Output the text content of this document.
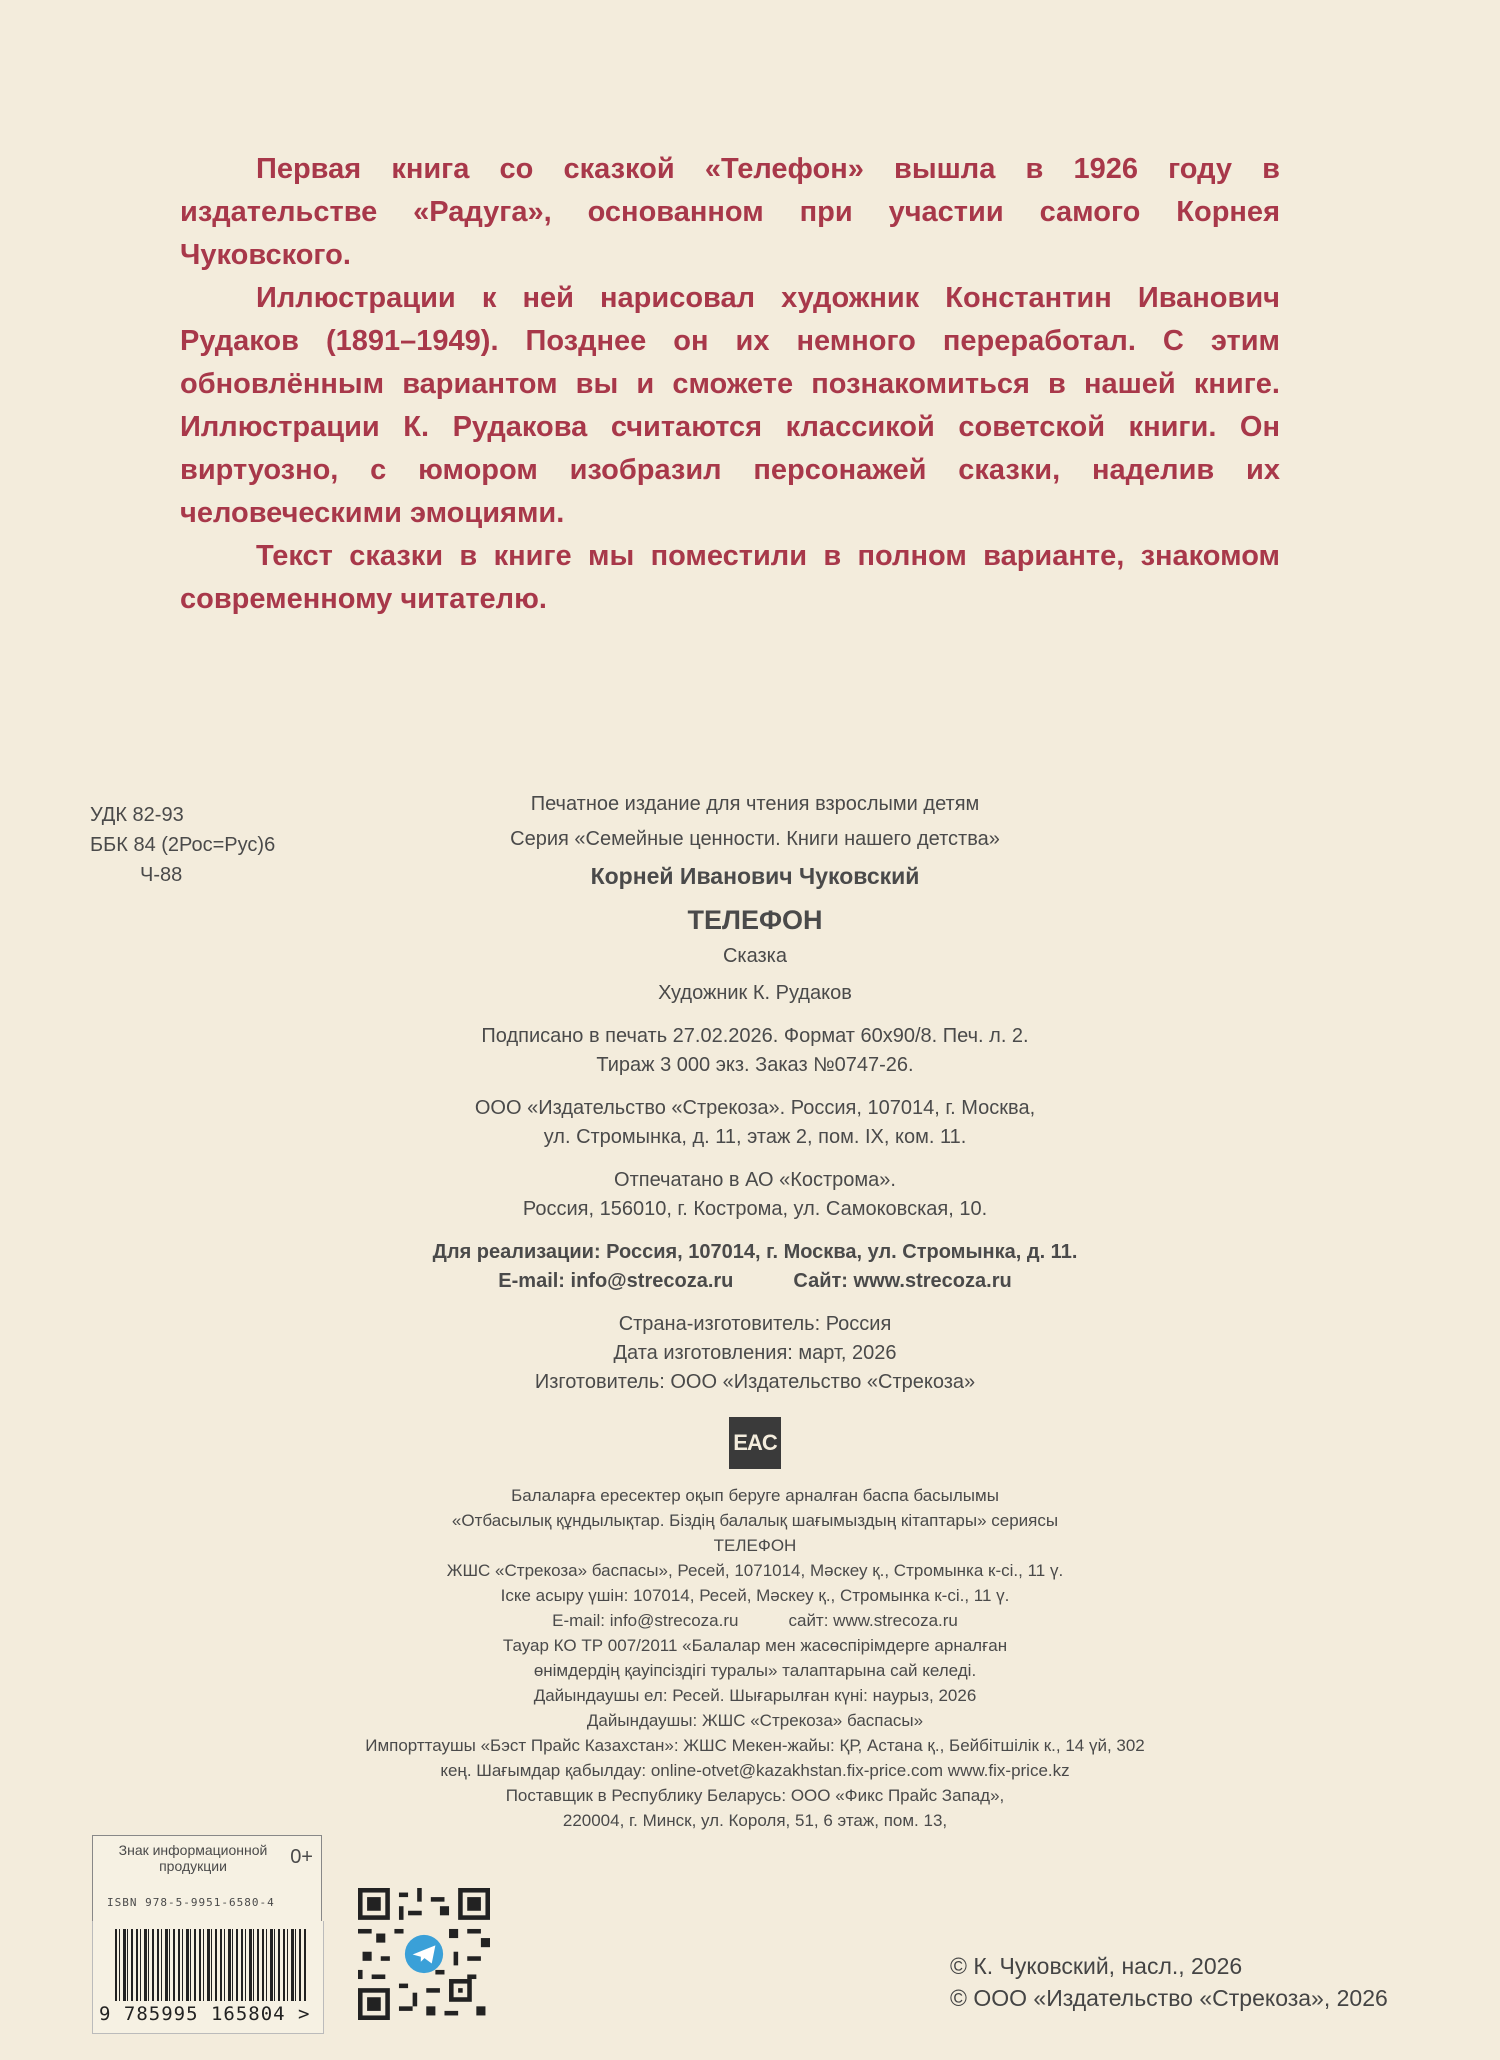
Первая книга со сказкой «Телефон» вышла в 1926 году в издательстве «Радуга», основанном при участии самого Корнея Чуковского.

Иллюстрации к ней нарисовал художник Константин Иванович Рудаков (1891–1949). Позднее он их немного переработал. С этим обновлённым вариантом вы и сможете познакомиться в нашей книге. Иллюстрации К. Рудакова считаются классикой советской книги. Он виртуозно, с юмором изобразил персонажей сказки, наделив их человеческими эмоциями.

Текст сказки в книге мы поместили в полном варианте, знакомом современному читателю.

УДК 82-93
ББК 84 (2Рос=Рус)6
Ч-88
Печатное издание для чтения взрослыми детям
Серия «Семейные ценности. Книги нашего детства»
Корней Иванович Чуковский
ТЕЛЕФОН
Сказка
Художник К. Рудаков
Подписано в печать 27.02.2026. Формат 60x90/8. Печ. л. 2.
Тираж 3 000 экз. Заказ №0747-26.
ООО «Издательство «Стрекоза». Россия, 107014, г. Москва,
ул. Стромынка, д. 11, этаж 2, пом. IX, ком. 11.
Отпечатано в АО «Кострома».
Россия, 156010, г. Кострома, ул. Самоковская, 10.
Для реализации: Россия, 107014, г. Москва, ул. Стромынка, д. 11.
E-mail: info@strecoza.ru	Сайт: www.strecoza.ru
Страна-изготовитель: Россия
Дата изготовления: март, 2026
Изготовитель: ООО «Издательство «Стрекоза»
EAC
Балаларға ересектер оқып беруге арналған баспа басылымы
«Отбасылық құндылықтар. Біздің балалық шағымыздың кітаптары» сериясы
ТЕЛЕФОН
ЖШС «Стрекоза» баспасы», Ресей, 1071014, Мәскеу қ., Стромынка к-сі., 11 ү.
Іске асыру үшін: 107014, Ресей, Мәскеу қ., Стромынка к-сі., 11 ү.
E-mail: info@strecoza.ru	сайт: www.strecoza.ru
Тауар КО ТР 007/2011 «Балалар мен жасөспірімдерге арналған
өнімдердің қауіпсіздігі туралы» талаптарына сай келеді.
Дайындаушы ел: Ресей. Шығарылған күні: наурыз, 2026
Дайындаушы: ЖШС «Стрекоза» баспасы»
Импорттаушы «Бэст Прайс Казахстан»: ЖШС Мекен-жайы: ҚР, Астана қ., Бейбітшілік к., 14 үй, 302
кең. Шағымдар қабылдау: online-otvet@kazakhstan.fix-price.com www.fix-price.kz
Поставщик в Республику Беларусь: ООО «Фикс Прайс Запад»,
220004, г. Минск, ул. Короля, 51, 6 этаж, пом. 13,
Знак информационной продукции	0+
ISBN 978-5-9951-6580-4
9 785995 165804 >
© К. Чуковский, насл., 2026
© ООО «Издательство «Стрекоза», 2026
